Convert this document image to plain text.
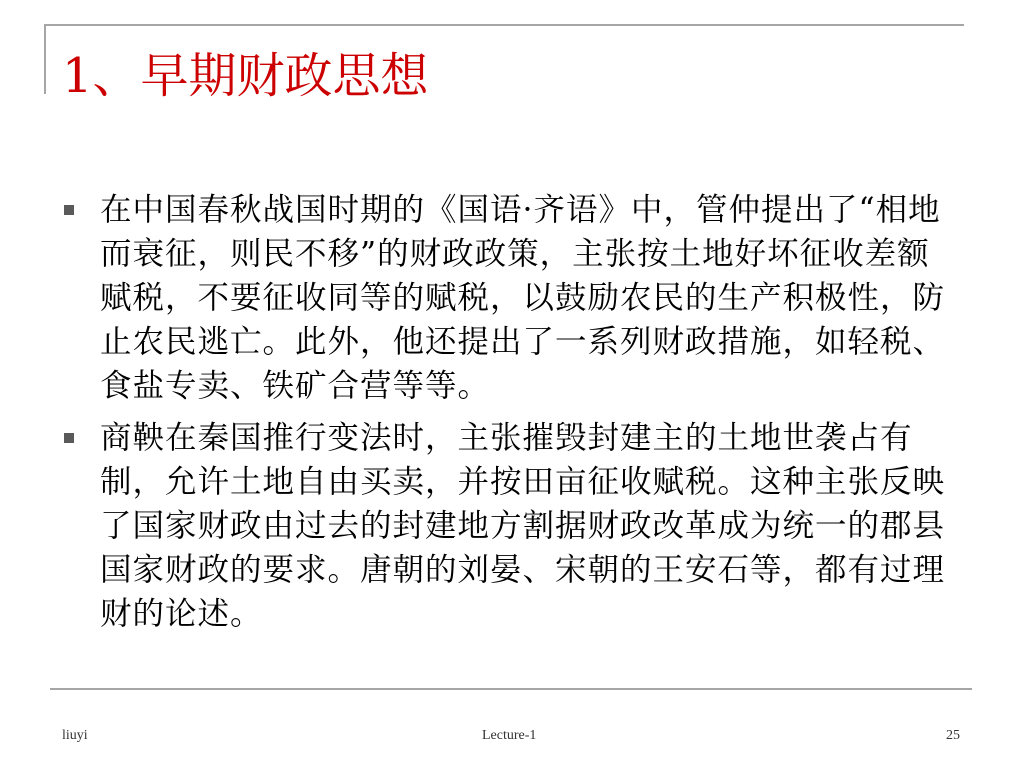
1、早期财政思想
在中国春秋战国时期的《国语·齐语》中，管仲提出了“相地而衰征，则民不移”的财政政策，主张按土地好坏征收差额赋税，不要征收同等的赋税，以鼓励农民的生产积极性，防止农民逃亡。此外，他还提出了一系列财政措施，如轻税、食盐专卖、铁矿合营等等。
商鞅在秦国推行变法时，主张摧毁封建主的土地世袭占有制，允许土地自由买卖，并按田亩征收赋税。这种主张反映了国家财政由过去的封建地方割据财政改革成为统一的郡县国家财政的要求。唐朝的刘晏、宋朝的王安石等，都有过理财的论述。
liuyi	Lecture-1	25
